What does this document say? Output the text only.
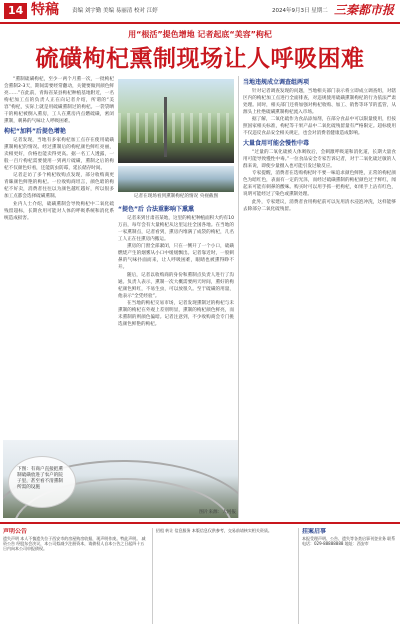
14 特稿 责编 刘宇勤 美编 易丽清 校对 江婷	2024年9月3日 星期二 三秦都市报
用“根活”提色增地 记者起底“美容”枸杞
硫磺枸杞熏制现场让人呼吸困难

“熏制硫磺枸杞，至少一两个月熏一次，一批枸杞会熏制2-3天，期间需要经常翻动，关键要做到颜色鲜亮……”在此前，青海省某县枸杞种植基地附近，一名枸杞加工点的负责人正在向记者介绍，所谓的“美容”枸杞，实际上就是用硫磺熏制过的枸杞。一袋袋晒干的枸杞被倒入熏房，工人在熏房内点燃硫磺，密闭熏制，刺鼻的气味让人呼吸困难。

枸杞“加料”后提色增艳

记者发现，当地有多家枸杞加工点存在使用硫磺熏制枸杞的情况。经过熏制后的枸杞颜色鲜红亮丽，卖相更好，价格也能卖得更高。据一名工人透露，一般一百斤枸杞需要使用一到两斤硫磺，熏制之后的枸杞不仅颜色好看，还能防虫防霉，延长储存时间。

记者走访了多个枸杞收购点发现，部分收购商更青睐颜色鲜艳的枸杞。一位收购商坦言，颜色暗的枸杞不好卖，消费者往往以为颜色越红越好，所以很多加工点都会选择硫磺熏制。

业内人士介绍，硫磺熏制会导致枸杞中二氧化硫残留超标，长期食用可能对人体的呼吸系统和消化系统造成损害。

记者在现场看到熏制枸杞的情况 央视截图

“提色”后 合法重影响下熏熏

记者来到甘肃省某地，这里的枸杞种植面积大约有10万亩，每年会有大量枸杞从这里运往全国各地。在当地的一家熏制点，记者看到，熏房内堆满了成袋的枸杞，几名工人正在往熏房内搬运。

熏房的门窗全部紧闭，只在一侧开了一个小口，硫磺燃烧产生的烟雾从小口中缓缓飘出。记者靠近时，一股刺鼻的气味扑面而来，让人呼吸困难，眼睛也被熏得睁不开。

随后，记者以收购商的身份和熏制点负责人进行了沟通。负责人表示，熏制一次大概需要两天时间，熏好的枸杞颜色鲜红，不易生虫，可以放很久。至于硫磺的用量，他表示“全凭经验”。

在当地的枸杞交易市场，记者发现熏制过的枸杞与未熏制的枸杞在外观上差别明显，熏制的枸杞颜色鲜亮，而未熏制的则颜色偏暗。记者注意到，不少收购商会专门挑选颜色鲜艳的枸杞。

当地违规成立调查组两项

针对记者调查发现的问题，当地相关部门表示将立即成立调查组，对辖区内的枸杞加工点进行全面排查，对违规使用硫磺熏制枸杞的行为依法严肃处理。同时，相关部门还将加强对枸杞收购、加工、销售等环节的监管，从源头上杜绝硫磺熏制枸杞流入市场。

据了解，二氧化硫作为食品添加剂，在部分食品中可以限量使用，但按照国家相关标准，枸杞等干果产品中二氧化硫残留量有严格限定。超标使用不仅违反食品安全相关规定，也会对消费者健康造成影响。

大量食用可能会慢性中毒

“过量的二氧化硫被人体吸收后，会刺激呼吸道和消化道，长期大量食用可能导致慢性中毒。”一位食品安全专家告诉记者，对于二氧化硫过敏的人群来说，即使少量摄入也可能引发过敏反应。

专家提醒，消费者在选购枸杞时不要一味追求颜色鲜艳，正常的枸杞颜色为暗红色，表面有一定的光泽，而经过硫磺熏制的枸杞颜色过于鲜红，闻起来可能有刺鼻的酸味。购买时可以用手抓一把枸杞，如果手上沾有红色，说明可能经过了染色或熏制处理。

此外，专家建议，消费者食用枸杞前可以先用清水浸泡冲洗，这样能够去除部分二氧化硫残留。

下图：有商户直接把熏制硫磺放进了农户的院子里，甚至看不清熏制所需的设施
图片来源：大河报
声明公告
遗失声明 本人不慎遗失位于西安市的房屋购房收据，现声明作废。特此声明。 减资公告 经股东会决议，本公司拟减少注册资本，请债权人自本公告之日起四十五日内向本公司申报债权。
招租 转让 信息服务 本版信息仅供参考，交易前请核实相关资质。	挂案启事
本报受理声明、公告、遗失等各类启事刊登业务 联系电话：029-88888888 地址：西安市
